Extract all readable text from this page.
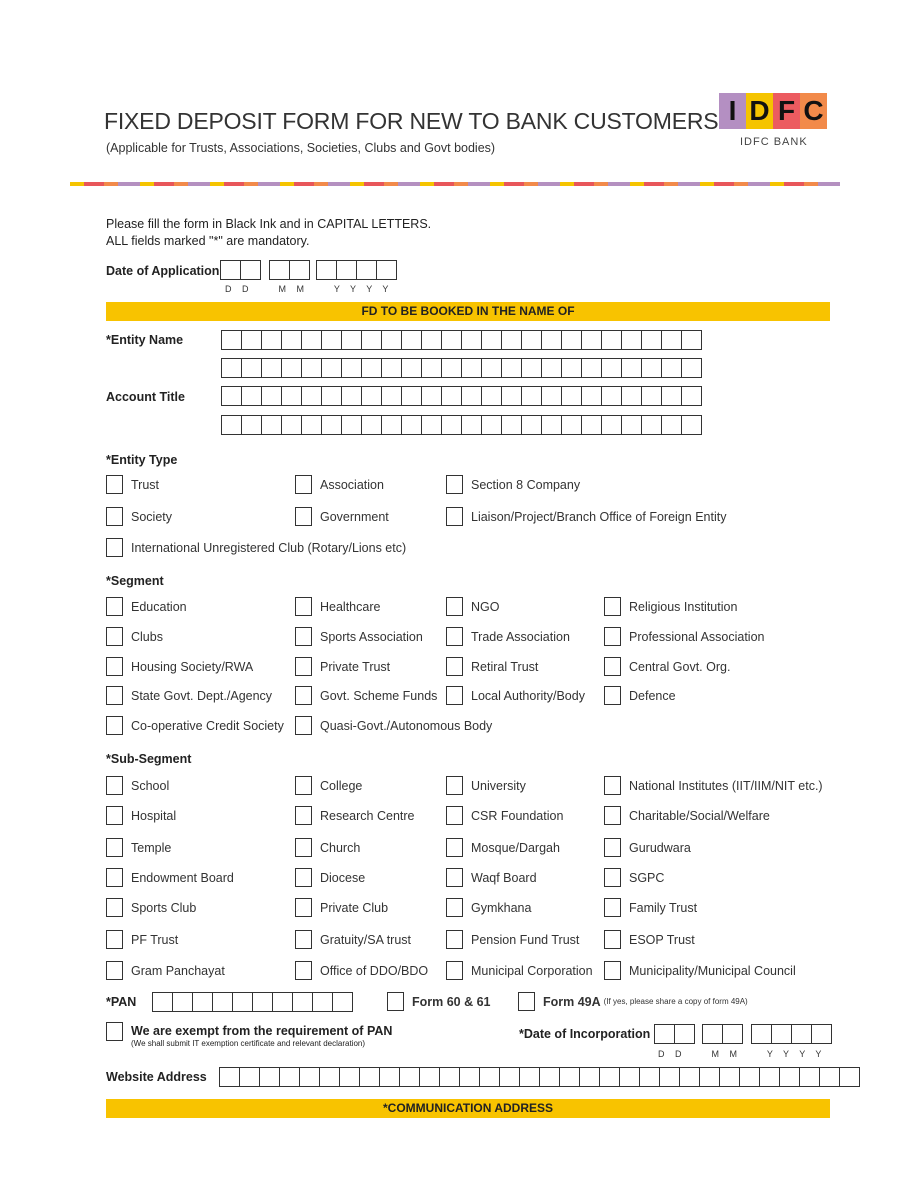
FIXED DEPOSIT FORM FOR NEW TO BANK CUSTOMERS
(Applicable for Trusts, Associations, Societies, Clubs and Govt bodies)
I D F C
IDFC BANK
Please fill the form in Black Ink and in CAPITAL LETTERS.
ALL fields marked "*" are mandatory.
Date of Application
D D    M M    Y Y Y Y
FD TO BE BOOKED IN THE NAME OF
*Entity Name
Account Title
*Entity Type
*Segment
*Sub-Segment
Trust	Association	Section 8 Company
Society	Government	Liaison/Project/Branch Office of Foreign Entity
International Unregistered Club (Rotary/Lions etc)
Education	Healthcare	NGO	Religious Institution
Clubs	Sports Association	Trade Association	Professional Association
Housing Society/RWA	Private Trust	Retiral Trust	Central Govt. Org.
State Govt. Dept./Agency	Govt. Scheme Funds	Local Authority/Body	Defence
Co-operative Credit Society	Quasi-Govt./Autonomous Body
School	College	University	National Institutes (IIT/IIM/NIT etc.)
Hospital	Research Centre	CSR Foundation	Charitable/Social/Welfare
Temple	Church	Mosque/Dargah	Gurudwara
Endowment Board	Diocese	Waqf Board	SGPC
Sports Club	Private Club	Gymkhana	Family Trust
PF Trust	Gratuity/SA trust	Pension Fund Trust	ESOP Trust
Gram Panchayat	Office of DDO/BDO	Municipal Corporation	Municipality/Municipal Council
*PAN	Form 60 & 61	Form 49A (If yes, please share a copy of form 49A)
We are exempt from the requirement of PAN
(We shall submit IT exemption certificate and relevant declaration)
*Date of Incorporation
D D    M M    Y Y Y Y
Website Address
*COMMUNICATION ADDRESS
